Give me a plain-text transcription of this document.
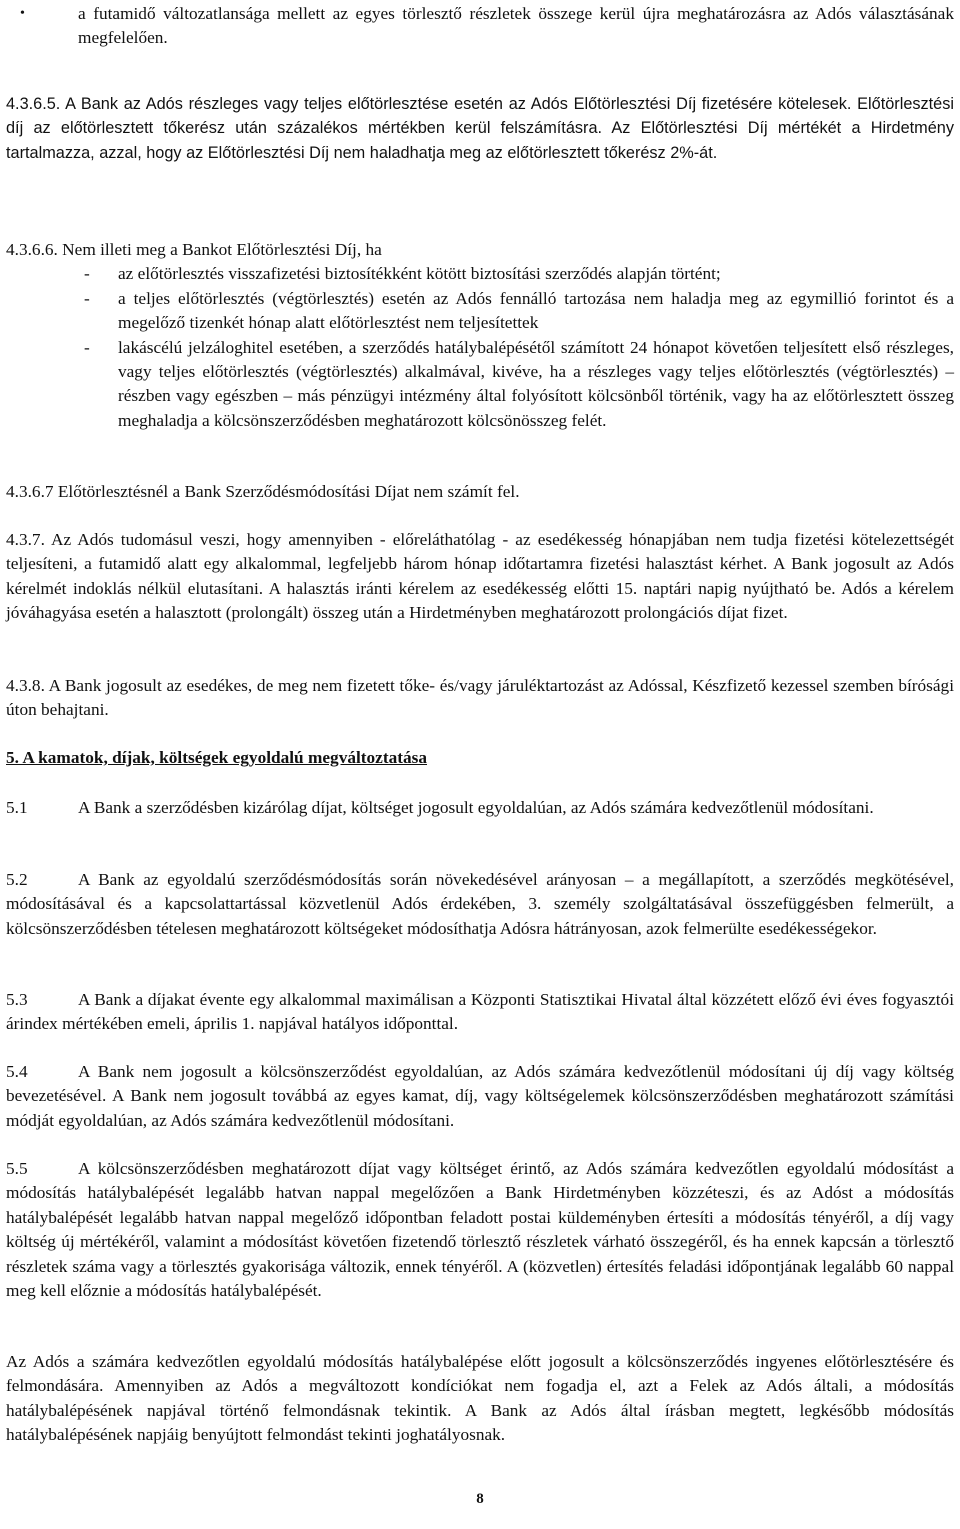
•	a futamidő változatlansága mellett az egyes törlesztő részletek összege kerül újra meghatározásra az Adós választásának megfelelően.
4.3.6.5. A Bank az Adós részleges vagy teljes előtörlesztése esetén az Adós Előtörlesztési Díj fizetésére kötelesek. Előtörlesztési díj az előtörlesztett tőkerész után százalékos mértékben kerül felszámításra. Az Előtörlesztési Díj mértékét a Hirdetmény tartalmazza, azzal, hogy az Előtörlesztési Díj nem haladhatja meg az előtörlesztett tőkerész 2%-át.
4.3.6.6. Nem illeti meg a Bankot Előtörlesztési Díj, ha
- az előtörlesztés visszafizetési biztosítékként kötött biztosítási szerződés alapján történt;
- a teljes előtörlesztés (végtörlesztés) esetén az Adós fennálló tartozása nem haladja meg az egymillió forintot és a megelőző tizenkét hónap alatt előtörlesztést nem teljesítettek
- lakáscélú jelzáloghitel esetében, a szerződés hatálybalépésétől számított 24 hónapot követően teljesített első részleges, vagy teljes előtörlesztés (végtörlesztés) alkalmával, kivéve, ha a részleges vagy teljes előtörlesztés (végtörlesztés) – részben vagy egészben – más pénzügyi intézmény által folyósított kölcsönből történik, vagy ha az előtörlesztett összeg meghaladja a kölcsönszerződésben meghatározott kölcsönösszeg felét.
4.3.6.7 Előtörlesztésnél a Bank Szerződésmódosítási Díjat nem számít fel.
4.3.7. Az Adós tudomásul veszi, hogy amennyiben - előreláthatólag - az esedékesség hónapjában nem tudja fizetési kötelezettségét teljesíteni, a futamidő alatt egy alkalommal, legfeljebb három hónap időtartamra fizetési halasztást kérhet. A Bank jogosult az Adós kérelmét indoklás nélkül elutasítani. A halasztás iránti kérelem az esedékesség előtti 15. naptári napig nyújtható be. Adós a kérelem jóváhagyása esetén a halasztott (prolongált) összeg után a Hirdetményben meghatározott prolongációs díjat fizet.
4.3.8. A Bank jogosult az esedékes, de meg nem fizetett tőke- és/vagy járuléktartozást az Adóssal, Készfizető kezessel szemben bírósági úton behajtani.
5. A kamatok, díjak, költségek egyoldalú megváltoztatása
5.1	A Bank a szerződésben kizárólag díjat, költséget jogosult egyoldalúan, az Adós számára kedvezőtlenül módosítani.
5.2	A Bank az egyoldalú szerződésmódosítás során növekedésével arányosan – a megállapított, a szerződés megkötésével, módosításával és a kapcsolattartással közvetlenül Adós érdekében, 3. személy szolgáltatásával összefüggésben felmerült, a kölcsönszerződésben tételesen meghatározott költségeket módosíthatja Adósra hátrányosan, azok felmerülte esedékességekor.
5.3	A Bank a díjakat évente egy alkalommal maximálisan a Központi Statisztikai Hivatal által közzétett előző évi éves fogyasztói árindex mértékében emeli, április 1. napjával hatályos időponttal.
5.4	A Bank nem jogosult a kölcsönszerződést egyoldalúan, az Adós számára kedvezőtlenül módosítani új díj vagy költség bevezetésével. A Bank nem jogosult továbbá az egyes kamat, díj, vagy költségelemek kölcsönszerződésben meghatározott számítási módját egyoldalúan, az Adós számára kedvezőtlenül módosítani.
5.5	A kölcsönszerződésben meghatározott díjat vagy költséget érintő, az Adós számára kedvezőtlen egyoldalú módosítást a módosítás hatálybalépését legalább hatvan nappal megelőzően a Bank Hirdetményben közzéteszi, és az Adóst a módosítás hatálybalépését legalább hatvan nappal megelőző időpontban feladott postai küldeményben értesíti a módosítás tényéről, a díj vagy költség új mértékéről, valamint a módosítást követően fizetendő törlesztő részletek várható összegéről, és ha ennek kapcsán a törlesztő részletek száma vagy a törlesztés gyakorisága változik, ennek tényéről. A (közvetlen) értesítés feladási időpontjának legalább 60 nappal meg kell előznie a módosítás hatálybalépését.
Az Adós a számára kedvezőtlen egyoldalú módosítás hatálybalépése előtt jogosult a kölcsönszerződés ingyenes előtörlesztésére és felmondására. Amennyiben az Adós a megváltozott kondíciókat nem fogadja el, azt a Felek az Adós általi, a módosítás hatálybalépésének napjával történő felmondásnak tekintik. A Bank az Adós által írásban megtett, legkésőbb módosítás hatálybalépésének napjáig benyújtott felmondást tekinti joghatályosnak.
8
